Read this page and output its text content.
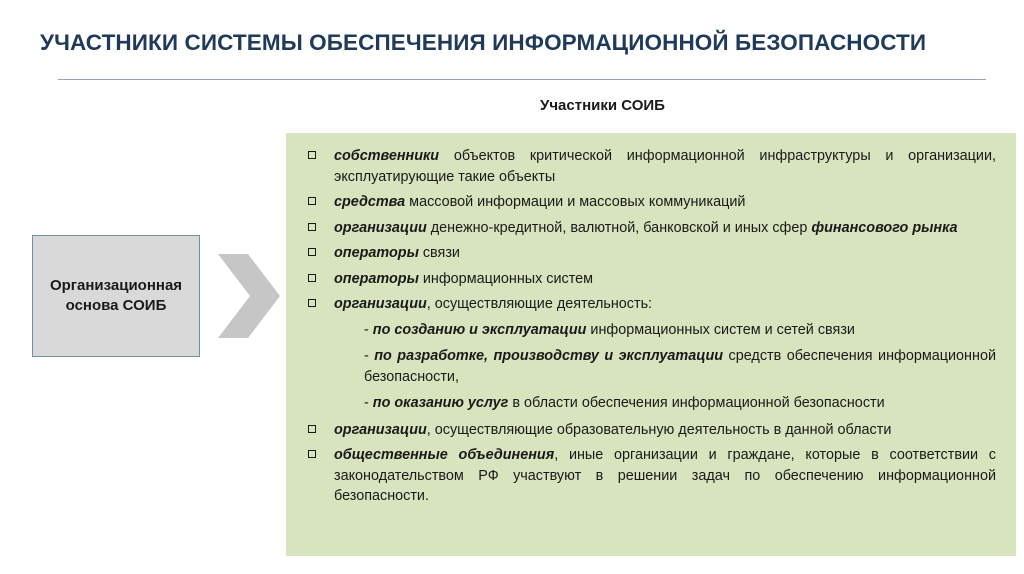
УЧАСТНИКИ СИСТЕМЫ ОБЕСПЕЧЕНИЯ ИНФОРМАЦИОННОЙ БЕЗОПАСНОСТИ
Участники СОИБ
Организационная
основа СОИБ
собственники объектов критической информационной инфраструктуры и организации, эксплуатирующие такие объекты
средства массовой информации и массовых коммуникаций
организации денежно-кредитной, валютной, банковской и иных сфер финансового рынка
операторы связи
операторы информационных систем
организации, осуществляющие деятельность:
- по созданию и эксплуатации информационных систем и сетей связи
- по разработке, производству и эксплуатации средств обеспечения информационной безопасности,
- по оказанию услуг в области обеспечения информационной безопасности
организации, осуществляющие образовательную деятельность в данной области
общественные объединения, иные организации и граждане, которые в соответствии с законодательством РФ участвуют в решении задач по обеспечению информационной безопасности.
